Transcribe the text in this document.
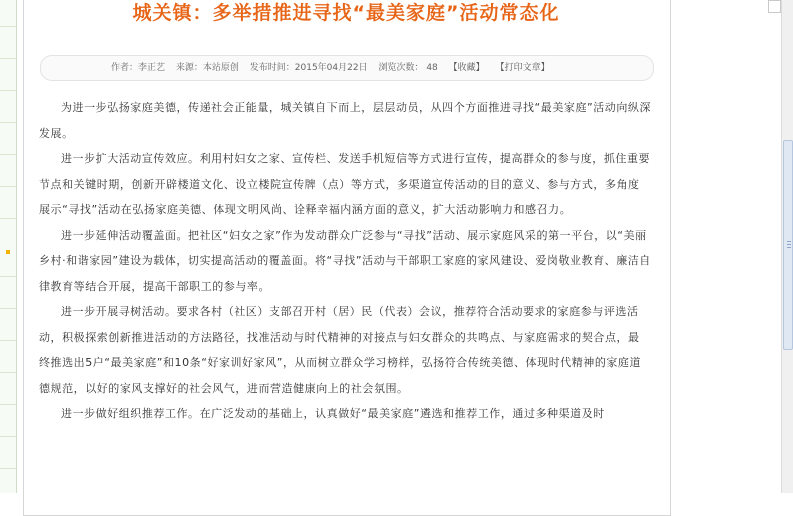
城关镇：多举措推进寻找“最美家庭”活动常态化
作者：李正艺 来源：本站原创 发布时间：2015年04月22日 浏览次数： 48 【收藏】 【打印文章】

为进一步弘扬家庭美德，传递社会正能量，城关镇自下而上，层层动员，从四个方面推进寻找“最美家庭”活动向纵深发展。

进一步扩大活动宣传效应。利用村妇女之家、宣传栏、发送手机短信等方式进行宣传，提高群众的参与度，抓住重要节点和关键时期，创新开辟楼道文化、设立楼院宣传牌（点）等方式，多渠道宣传活动的目的意义、参与方式，多角度展示“寻找”活动在弘扬家庭美德、体现文明风尚、诠释幸福内涵方面的意义，扩大活动影响力和感召力。

进一步延伸活动覆盖面。把社区“妇女之家”作为发动群众广泛参与“寻找”活动、展示家庭风采的第一平台，以“美丽乡村·和谐家园”建设为载体，切实提高活动的覆盖面。将“寻找”活动与干部职工家庭的家风建设、爱岗敬业教育、廉洁自律教育等结合开展，提高干部职工的参与率。

进一步开展寻树活动。要求各村（社区）支部召开村（居）民（代表）会议，推荐符合活动要求的家庭参与评选活动，积极探索创新推进活动的方法路径，找准活动与时代精神的对接点与妇女群众的共鸣点、与家庭需求的契合点，最终推选出5户“最美家庭”和10条“好家训好家风”，从而树立群众学习榜样，弘扬符合传统美德、体现时代精神的家庭道德规范，以好的家风支撑好的社会风气，进而营造健康向上的社会氛围。

进一步做好组织推荐工作。在广泛发动的基础上，认真做好“最美家庭”遴选和推荐工作，通过多种渠道及时
